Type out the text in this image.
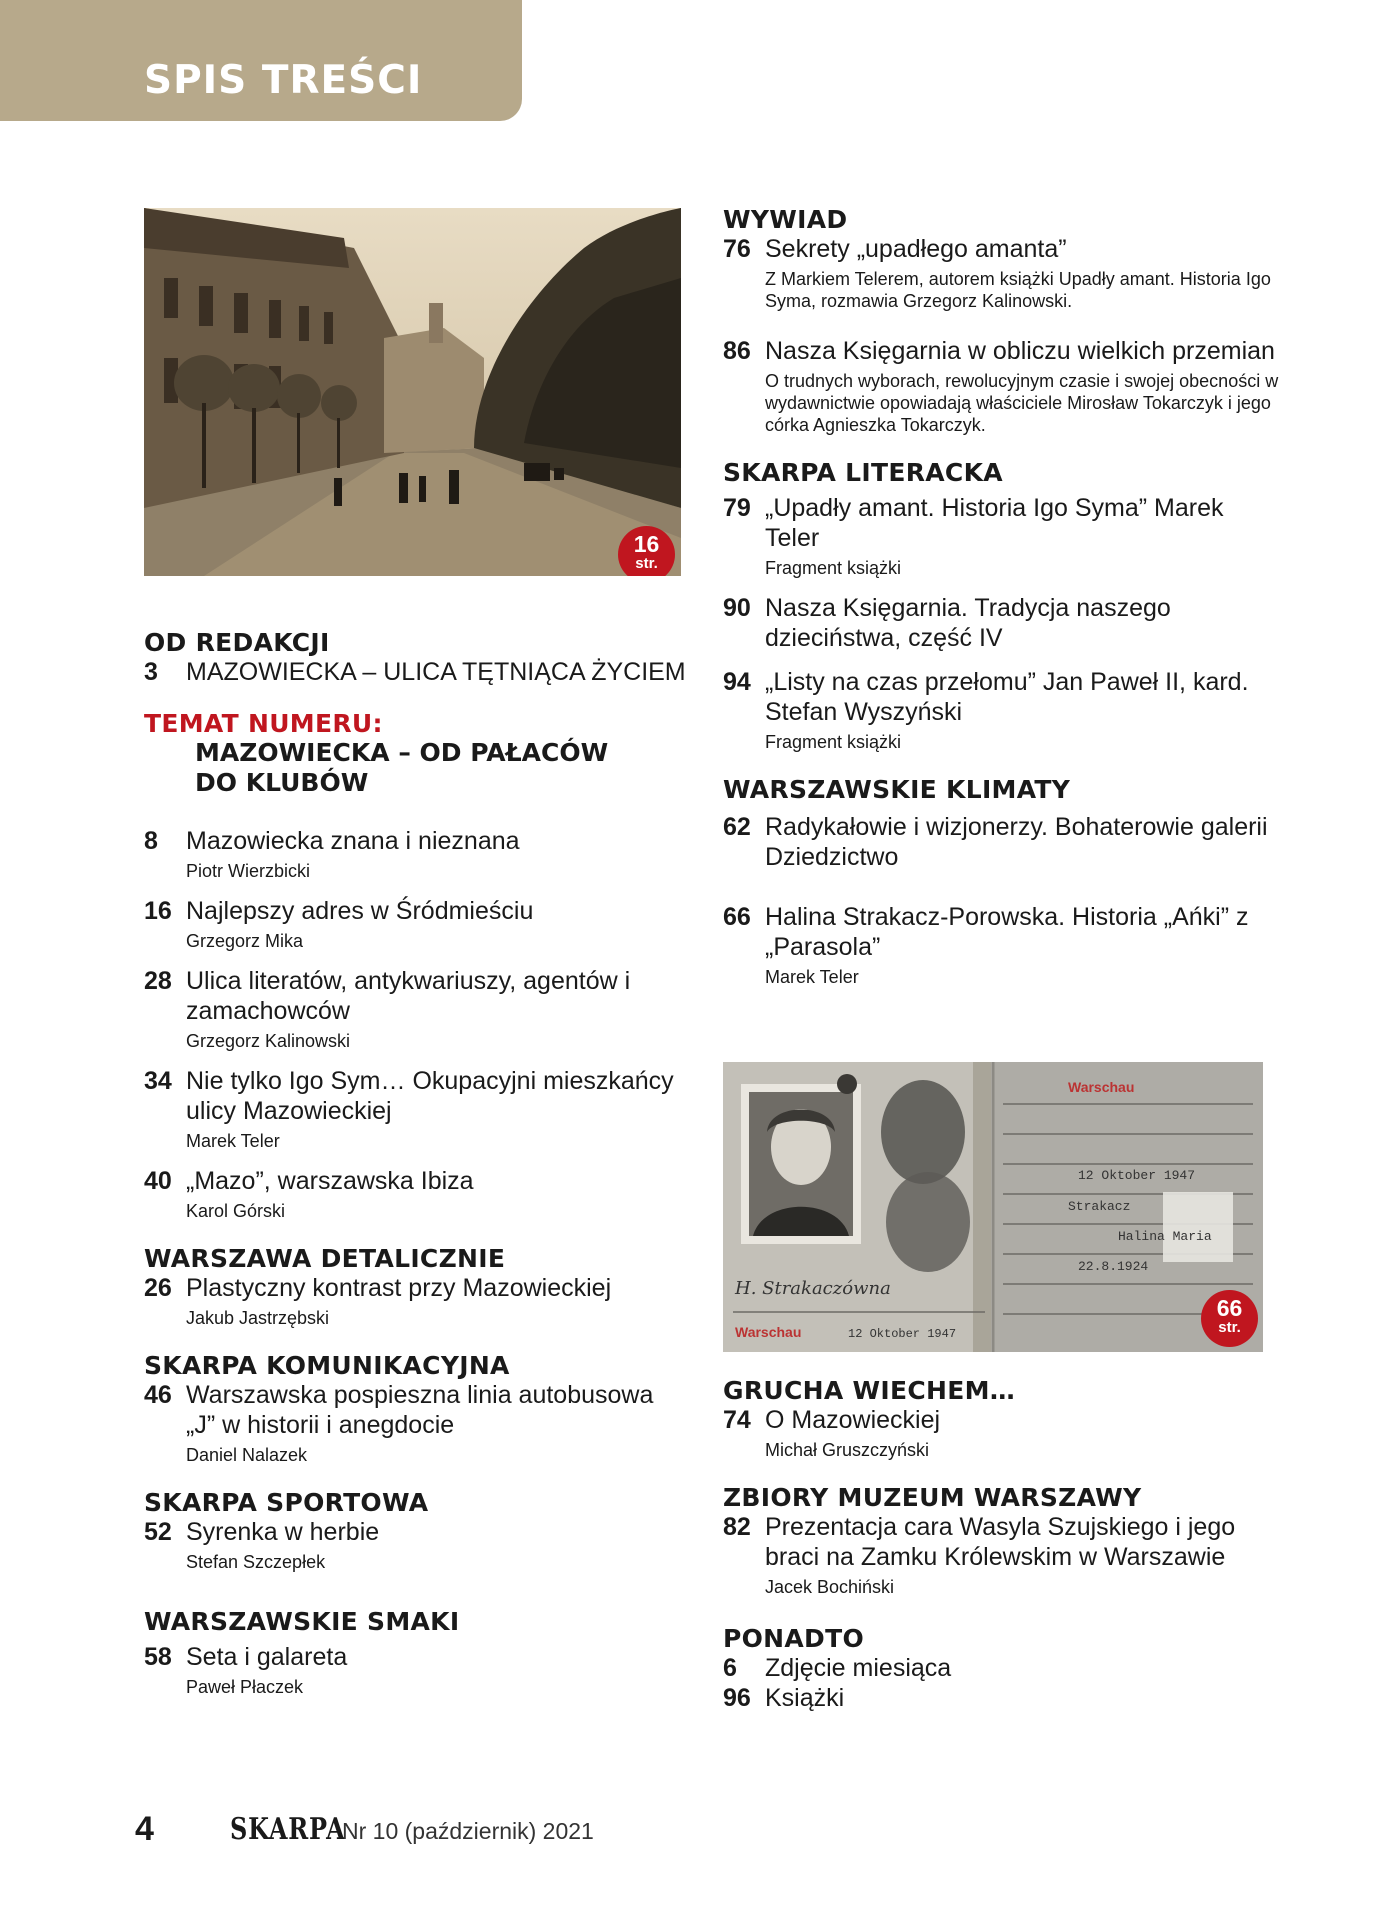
SPIS TREŚCI
16
str.
OD REDAKCJI
3 MAZOWIECKA – ULICA TĘTNIĄCA ŻYCIEM
TEMAT NUMERU:
MAZOWIECKA – OD PAŁACÓW
DO KLUBÓW
8 Mazowiecka znana i nieznana
Piotr Wierzbicki
16 Najlepszy adres w Śródmieściu
Grzegorz Mika
28 Ulica literatów, antykwariuszy, agentów i zamachowców
Grzegorz Kalinowski
34 Nie tylko Igo Sym… Okupacyjni mieszkańcy ulicy Mazowieckiej
Marek Teler
40 „Mazo”, warszawska Ibiza
Karol Górski
WARSZAWA DETALICZNIE
26 Plastyczny kontrast przy Mazowieckiej
Jakub Jastrzębski
SKARPA KOMUNIKACYJNA
46 Warszawska pospieszna linia autobusowa „J” w historii i anegdocie
Daniel Nalazek
SKARPA SPORTOWA
52 Syrenka w herbie
Stefan Szczepłek
WARSZAWSKIE SMAKI
58 Seta i galareta
Paweł Płaczek
WYWIAD
76 Sekrety „upadłego amanta”
Z Markiem Telerem, autorem książki Upadły amant. Historia Igo Syma, rozmawia Grzegorz Kalinowski.
86 Nasza Księgarnia w obliczu wielkich przemian
O trudnych wyborach, rewolucyjnym czasie i swojej obecności w wydawnictwie opowiadają właściciele Mirosław Tokarczyk i jego córka Agnieszka Tokarczyk.
SKARPA LITERACKA
79 „Upadły amant. Historia Igo Syma” Marek Teler
Fragment książki
90 Nasza Księgarnia. Tradycja naszego dzieciństwa, część IV
94 „Listy na czas przełomu” Jan Paweł II, kard. Stefan Wyszyński
Fragment książki
WARSZAWSKIE KLIMATY
62 Radykałowie i wizjonerzy. Bohaterowie galerii Dziedzictwo
66 Halina Strakacz-Porowska. Historia „Ańki” z „Parasola”
Marek Teler
Warschau
12 Oktober 1947
Strakacz
Halina Maria
22.8.1924
H. Strakaczówna
Warschau	12 Oktober 1947
66
str.
GRUCHA WIECHEM…
74 O Mazowieckiej
Michał Gruszczyński
ZBIORY MUZEUM WARSZAWY
82 Prezentacja cara Wasyla Szujskiego i jego braci na Zamku Królewskim w Warszawie
Jacek Bochiński
PONADTO
6 Zdjęcie miesiąca
96 Książki
4	SKARPA
Nr 10 (październik) 2021
